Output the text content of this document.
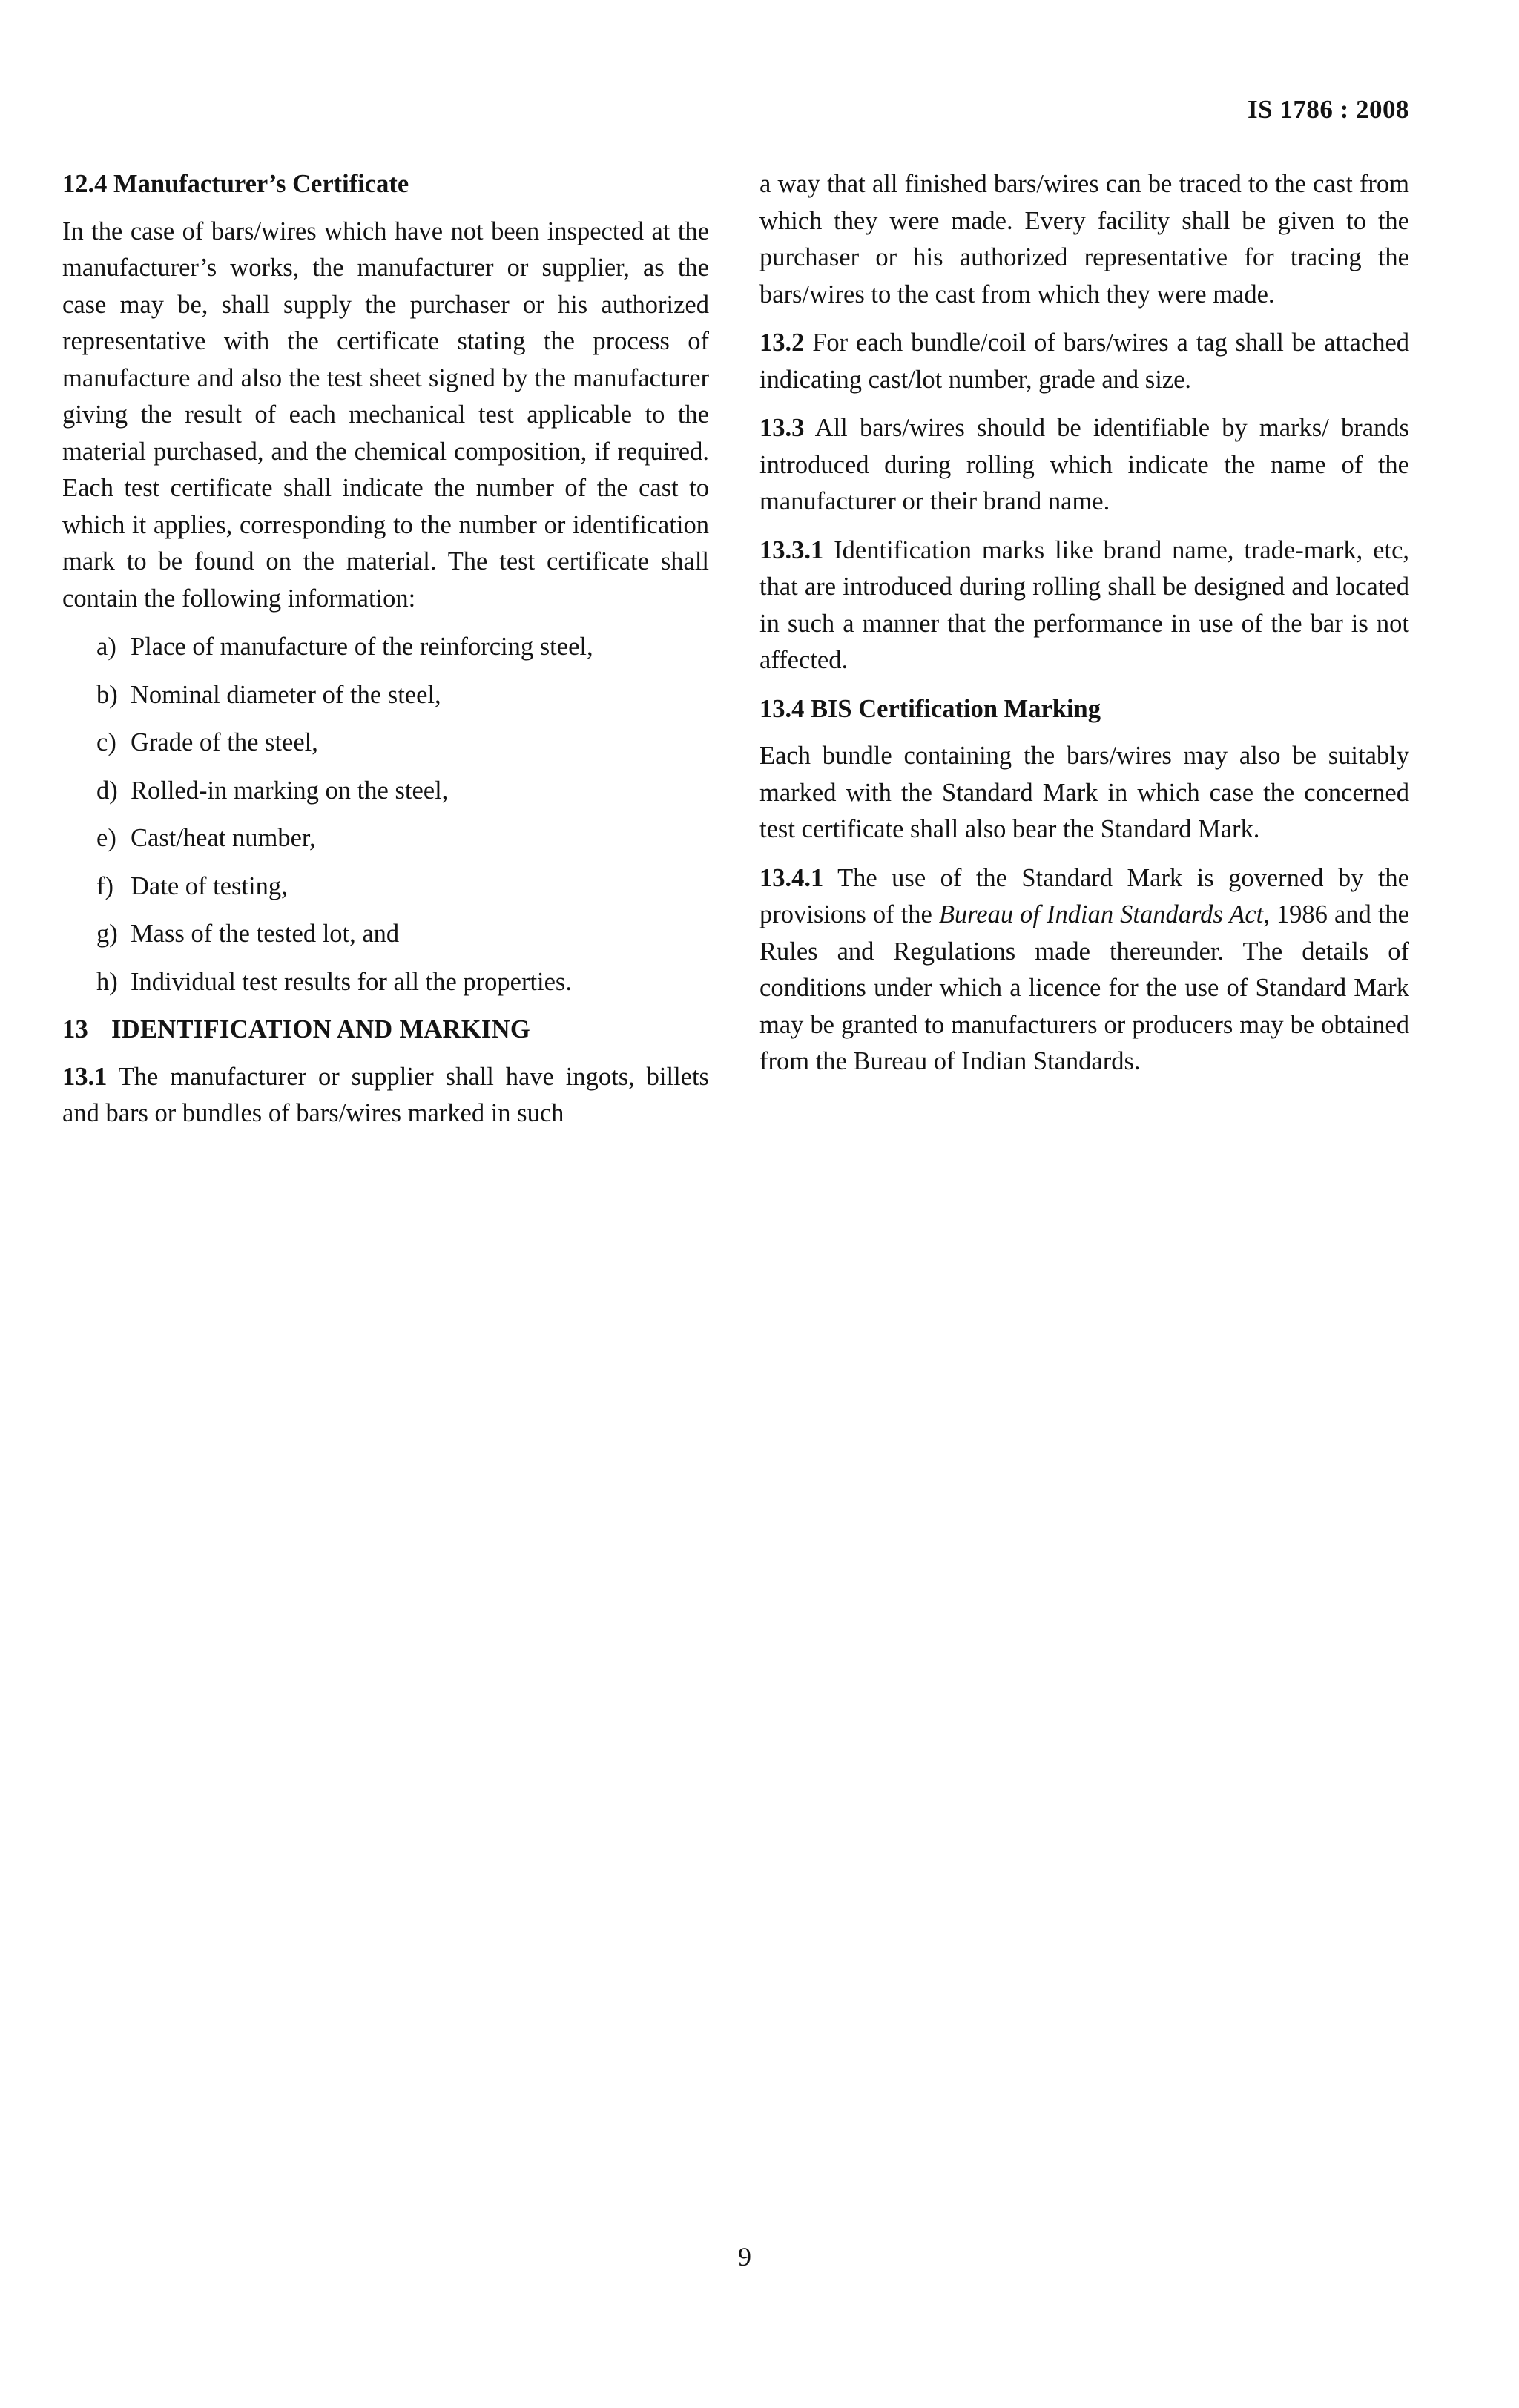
IS 1786 : 2008
12.4 Manufacturer’s Certificate
In the case of bars/wires which have not been inspected at the manufacturer’s works, the manufacturer or supplier, as the case may be, shall supply the purchaser or his authorized representative with the certificate stating the process of manufacture and also the test sheet signed by the manufacturer giving the result of each mechanical test applicable to the material purchased, and the chemical composition, if required. Each test certificate shall indicate the number of the cast to which it applies, corresponding to the number or identification mark to be found on the material. The test certificate shall contain the following information:
a) Place of manufacture of the reinforcing steel,
b) Nominal diameter of the steel,
c) Grade of the steel,
d) Rolled-in marking on the steel,
e) Cast/heat number,
f) Date of testing,
g) Mass of the tested lot, and
h) Individual test results for all the properties.
13 IDENTIFICATION AND MARKING
13.1 The manufacturer or supplier shall have ingots, billets and bars or bundles of bars/wires marked in such
a way that all finished bars/wires can be traced to the cast from which they were made. Every facility shall be given to the purchaser or his authorized representative for tracing the bars/wires to the cast from which they were made.
13.2 For each bundle/coil of bars/wires a tag shall be attached indicating cast/lot number, grade and size.
13.3 All bars/wires should be identifiable by marks/ brands introduced during rolling which indicate the name of the manufacturer or their brand name.
13.3.1 Identification marks like brand name, trade-mark, etc, that are introduced during rolling shall be designed and located in such a manner that the performance in use of the bar is not affected.
13.4 BIS Certification Marking
Each bundle containing the bars/wires may also be suitably marked with the Standard Mark in which case the concerned test certificate shall also bear the Standard Mark.
13.4.1 The use of the Standard Mark is governed by the provisions of the Bureau of Indian Standards Act, 1986 and the Rules and Regulations made thereunder. The details of conditions under which a licence for the use of Standard Mark may be granted to manufacturers or producers may be obtained from the Bureau of Indian Standards.
9
